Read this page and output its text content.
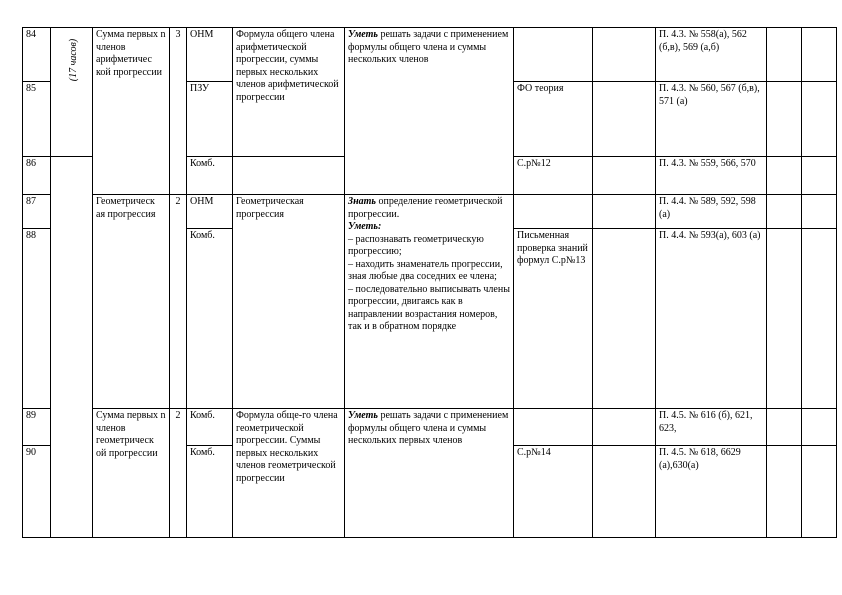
84	(17 часов)	Сумма первых n членов арифметичес кой прогрессии	3	ОНМ	Формула общего члена арифметической прогрессии, суммы первых нескольких членов арифметической прогрессии	Уметь решать задачи с применением формулы общего члена и суммы нескольких членов			П. 4.3. № 558(а), 562 (б,в), 569 (а,б)		
85				ПЗУ			ФО теория		П. 4.3. № 560, 567 (б,в), 571 (а)		
86				Комб.			С.р№12		П. 4.3. № 559, 566, 570		
87		Геометрическ ая прогрессия	2	ОНМ	Геометрическая прогрессия	Знать определение геометрической прогрессии.
Уметь:
– распознавать геометрическую прогрессию;
– находить знаменатель прогрессии, зная любые два соседних ее члена;
– последовательно выписывать члены прогрессии, двигаясь как в направлении возрастания номеров, так и в обратном порядке			П. 4.4. № 589, 592, 598 (а)		
88				Комб.			Письменная проверка знаний формул С.р№13		П. 4.4. № 593(а), 603 (а)		
89		Сумма первых n членов геометрическ ой прогрессии	2	Комб.	Формула обще-го члена геометрической прогрессии. Суммы первых нескольких членов геометрической прогрессии	Уметь решать задачи с применением формулы общего члена и суммы нескольких первых членов			П. 4.5. № 616 (б), 621, 623,		
90				Комб.			С.р№14		П. 4.5. № 618, 6629 (а),630(а)		
